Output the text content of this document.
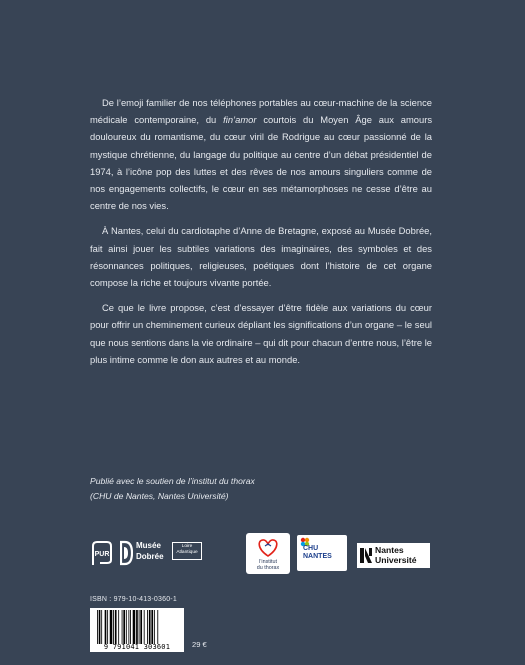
De l’emoji familier de nos téléphones portables au cœur-machine de la science médicale contemporaine, du fin’amor courtois du Moyen Âge aux amours douloureux du romantisme, du cœur viril de Rodrigue au cœur passionné de la mystique chrétienne, du langage du politique au centre d’un débat présidentiel de 1974, à l’icône pop des luttes et des rêves de nos amours singuliers comme de nos engagements collectifs, le cœur en ses métamorphoses ne cesse d’être au centre de nos vies.

À Nantes, celui du cardiotaphe d’Anne de Bretagne, exposé au Musée Dobrée, fait ainsi jouer les subtiles variations des imaginaires, des symboles et des résonnances politiques, religieuses, poétiques dont l’histoire de cet organe compose la riche et toujours vivante portée.

Ce que le livre propose, c’est d’essayer d’être fidèle aux variations du cœur pour offrir un cheminement curieux dépliant les significations d’un organe – le seul que nous sentions dans la vie ordinaire – qui dit pour chacun d’entre nous, l’être le plus intime comme le don aux autres et au monde.

Publié avec le soutien de l’institut du thorax
(CHU de Nantes, Nantes Université)
PUR
Musée
Dobrée
Loire
Atlantique
l’institut
du thorax
CHU
NANTES
Nantes
Université
ISBN : 979-10-413-0360-1
9 791041 303601	29 €
